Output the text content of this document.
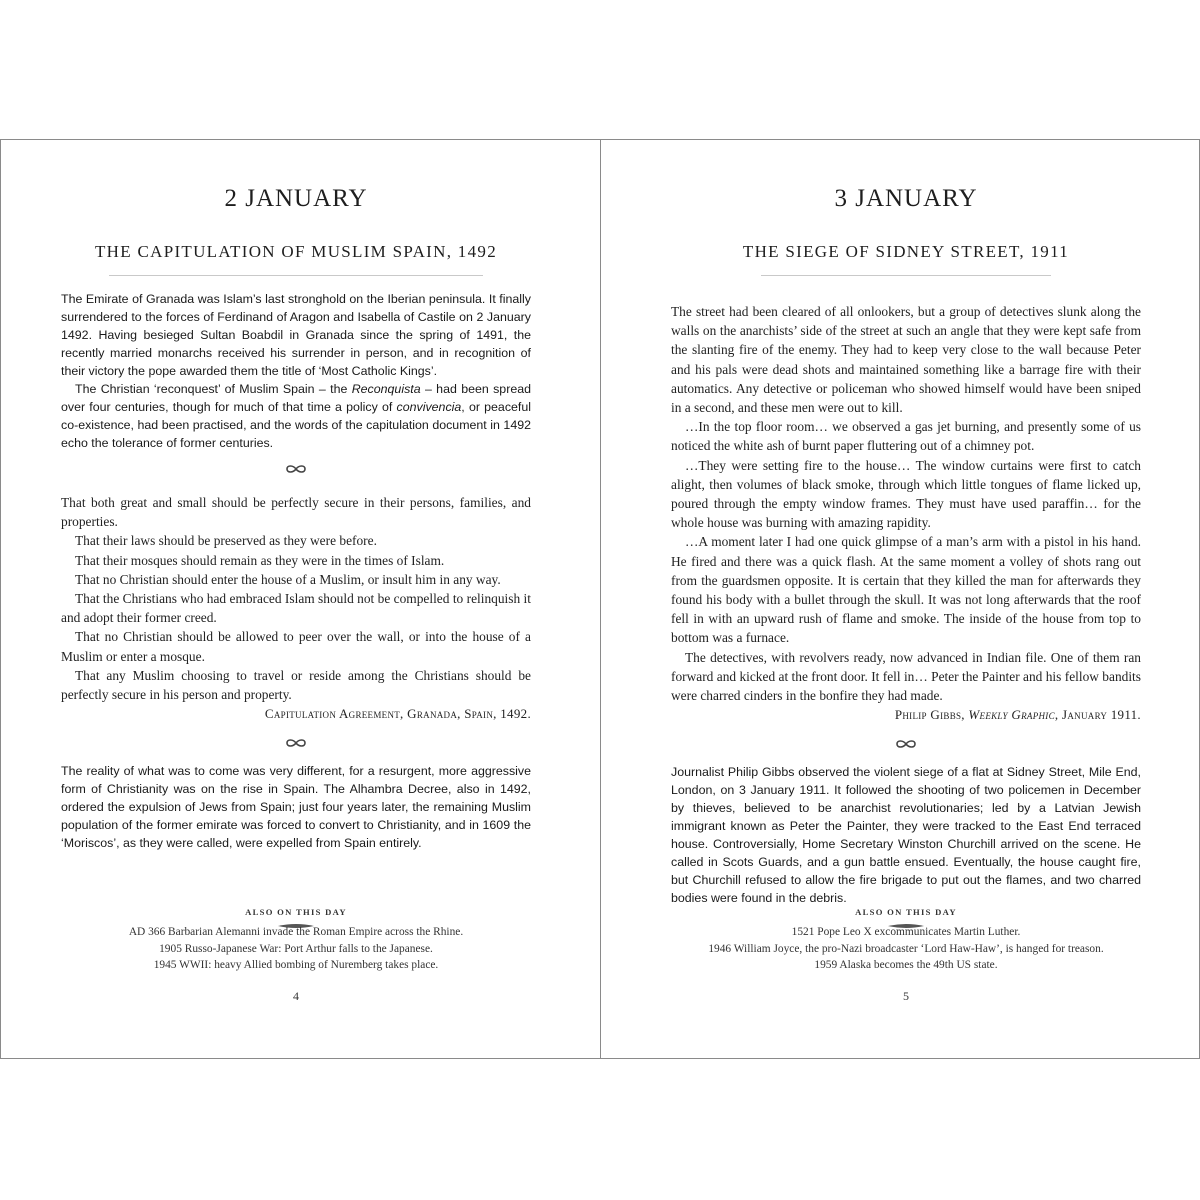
2 JANUARY
THE CAPITULATION OF MUSLIM SPAIN, 1492

The Emirate of Granada was Islam’s last stronghold on the Iberian peninsula. It finally surrendered to the forces of Ferdinand of Aragon and Isabella of Castile on 2 January 1492. Having besieged Sultan Boabdil in Granada since the spring of 1491, the recently married monarchs received his surrender in person, and in recognition of their victory the pope awarded them the title of ‘Most Catholic Kings’.

The Christian ‘reconquest’ of Muslim Spain – the Reconquista – had been spread over four centuries, though for much of that time a policy of convivencia, or peaceful co-existence, had been practised, and the words of the capitulation document in 1492 echo the tolerance of former centuries.

That both great and small should be perfectly secure in their persons, families, and properties.

That their laws should be preserved as they were before.

That their mosques should remain as they were in the times of Islam.

That no Christian should enter the house of a Muslim, or insult him in any way.

That the Christians who had embraced Islam should not be compelled to relinquish it and adopt their former creed.

That no Christian should be allowed to peer over the wall, or into the house of a Muslim or enter a mosque.

That any Muslim choosing to travel or reside among the Christians should be perfectly secure in his person and property.

Capitulation Agreement, Granada, Spain, 1492.

The reality of what was to come was very different, for a resurgent, more aggressive form of Christianity was on the rise in Spain. The Alhambra Decree, also in 1492, ordered the expulsion of Jews from Spain; just four years later, the remaining Muslim population of the former emirate was forced to convert to Christianity, and in 1609 the ‘Moriscos’, as they were called, were expelled from Spain entirely.

ALSO ON THIS DAY
AD 366 Barbarian Alemanni invade the Roman Empire across the Rhine.
1905 Russo-Japanese War: Port Arthur falls to the Japanese.
1945 WWII: heavy Allied bombing of Nuremberg takes place.
4
3 JANUARY
THE SIEGE OF SIDNEY STREET, 1911

The street had been cleared of all onlookers, but a group of detectives slunk along the walls on the anarchists’ side of the street at such an angle that they were kept safe from the slanting fire of the enemy. They had to keep very close to the wall because Peter and his pals were dead shots and maintained something like a barrage fire with their automatics. Any detective or policeman who showed himself would have been sniped in a second, and these men were out to kill.

…In the top floor room… we observed a gas jet burning, and presently some of us noticed the white ash of burnt paper fluttering out of a chimney pot.

…They were setting fire to the house… The window curtains were first to catch alight, then volumes of black smoke, through which little tongues of flame licked up, poured through the empty window frames. They must have used paraffin… for the whole house was burning with amazing rapidity.

…A moment later I had one quick glimpse of a man’s arm with a pistol in his hand. He fired and there was a quick flash. At the same moment a volley of shots rang out from the guardsmen opposite. It is certain that they killed the man for afterwards they found his body with a bullet through the skull. It was not long afterwards that the roof fell in with an upward rush of flame and smoke. The inside of the house from top to bottom was a furnace.

The detectives, with revolvers ready, now advanced in Indian file. One of them ran forward and kicked at the front door. It fell in… Peter the Painter and his fellow bandits were charred cinders in the bonfire they had made.

Philip Gibbs, Weekly Graphic, January 1911.

Journalist Philip Gibbs observed the violent siege of a flat at Sidney Street, Mile End, London, on 3 January 1911. It followed the shooting of two policemen in December by thieves, believed to be anarchist revolutionaries; led by a Latvian Jewish immigrant known as Peter the Painter, they were tracked to the East End terraced house. Controversially, Home Secretary Winston Churchill arrived on the scene. He called in Scots Guards, and a gun battle ensued. Eventually, the house caught fire, but Churchill refused to allow the fire brigade to put out the flames, and two charred bodies were found in the debris.

ALSO ON THIS DAY
1521 Pope Leo X excommunicates Martin Luther.
1946 William Joyce, the pro-Nazi broadcaster ‘Lord Haw-Haw’, is hanged for treason.
1959 Alaska becomes the 49th US state.
5
